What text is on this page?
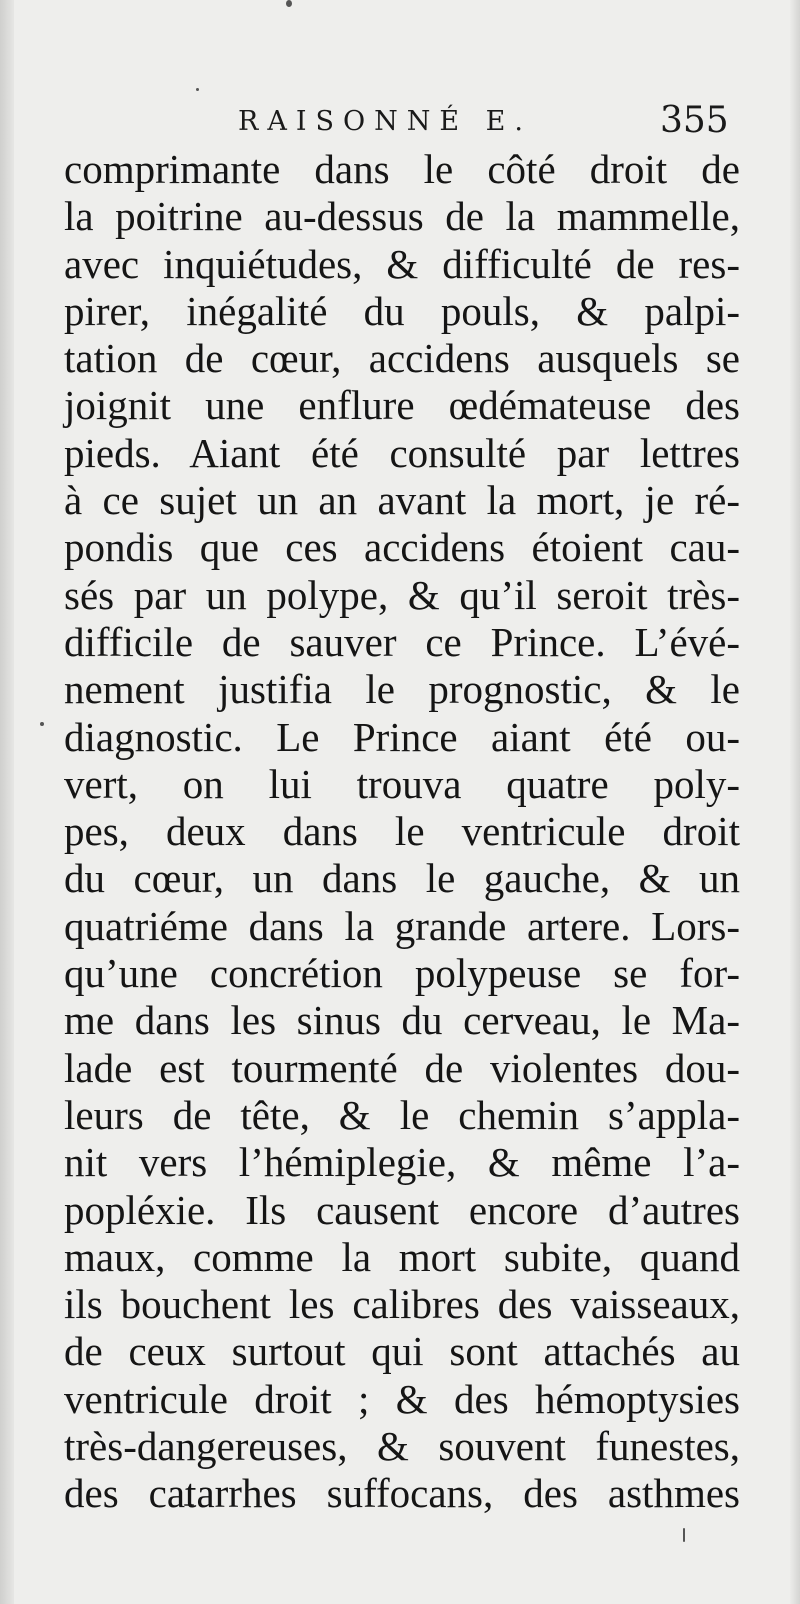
RAISONNÉ E.	355
comprimante dans le côté droit de
la poitrine au-dessus de la mammelle,
avec inquiétudes, & difficulté de res-
pirer, inégalité du pouls, & palpi-
tation de cœur, accidens ausquels se
joignit une enflure œdémateuse des
pieds. Aiant été consulté par lettres
à ce sujet un an avant la mort, je ré-
pondis que ces accidens étoient cau-
sés par un polype, & qu’il seroit très-
difficile de sauver ce Prince. L’évé-
nement justifia le prognostic, & le
diagnostic. Le Prince aiant été ou-
vert, on lui trouva quatre poly-
pes, deux dans le ventricule droit
du cœur, un dans le gauche, & un
quatriéme dans la grande artere. Lors-
qu’une concrétion polypeuse se for-
me dans les sinus du cerveau, le Ma-
lade est tourmenté de violentes dou-
leurs de tête, & le chemin s’appla-
nit vers l’hémiplegie, & même l’a-
popléxie. Ils causent encore d’autres
maux, comme la mort subite, quand
ils bouchent les calibres des vaisseaux,
de ceux surtout qui sont attachés au
ventricule droit ; & des hémoptysies
très-dangereuses, & souvent funestes,
des catarrhes suffocans, des asthmes
